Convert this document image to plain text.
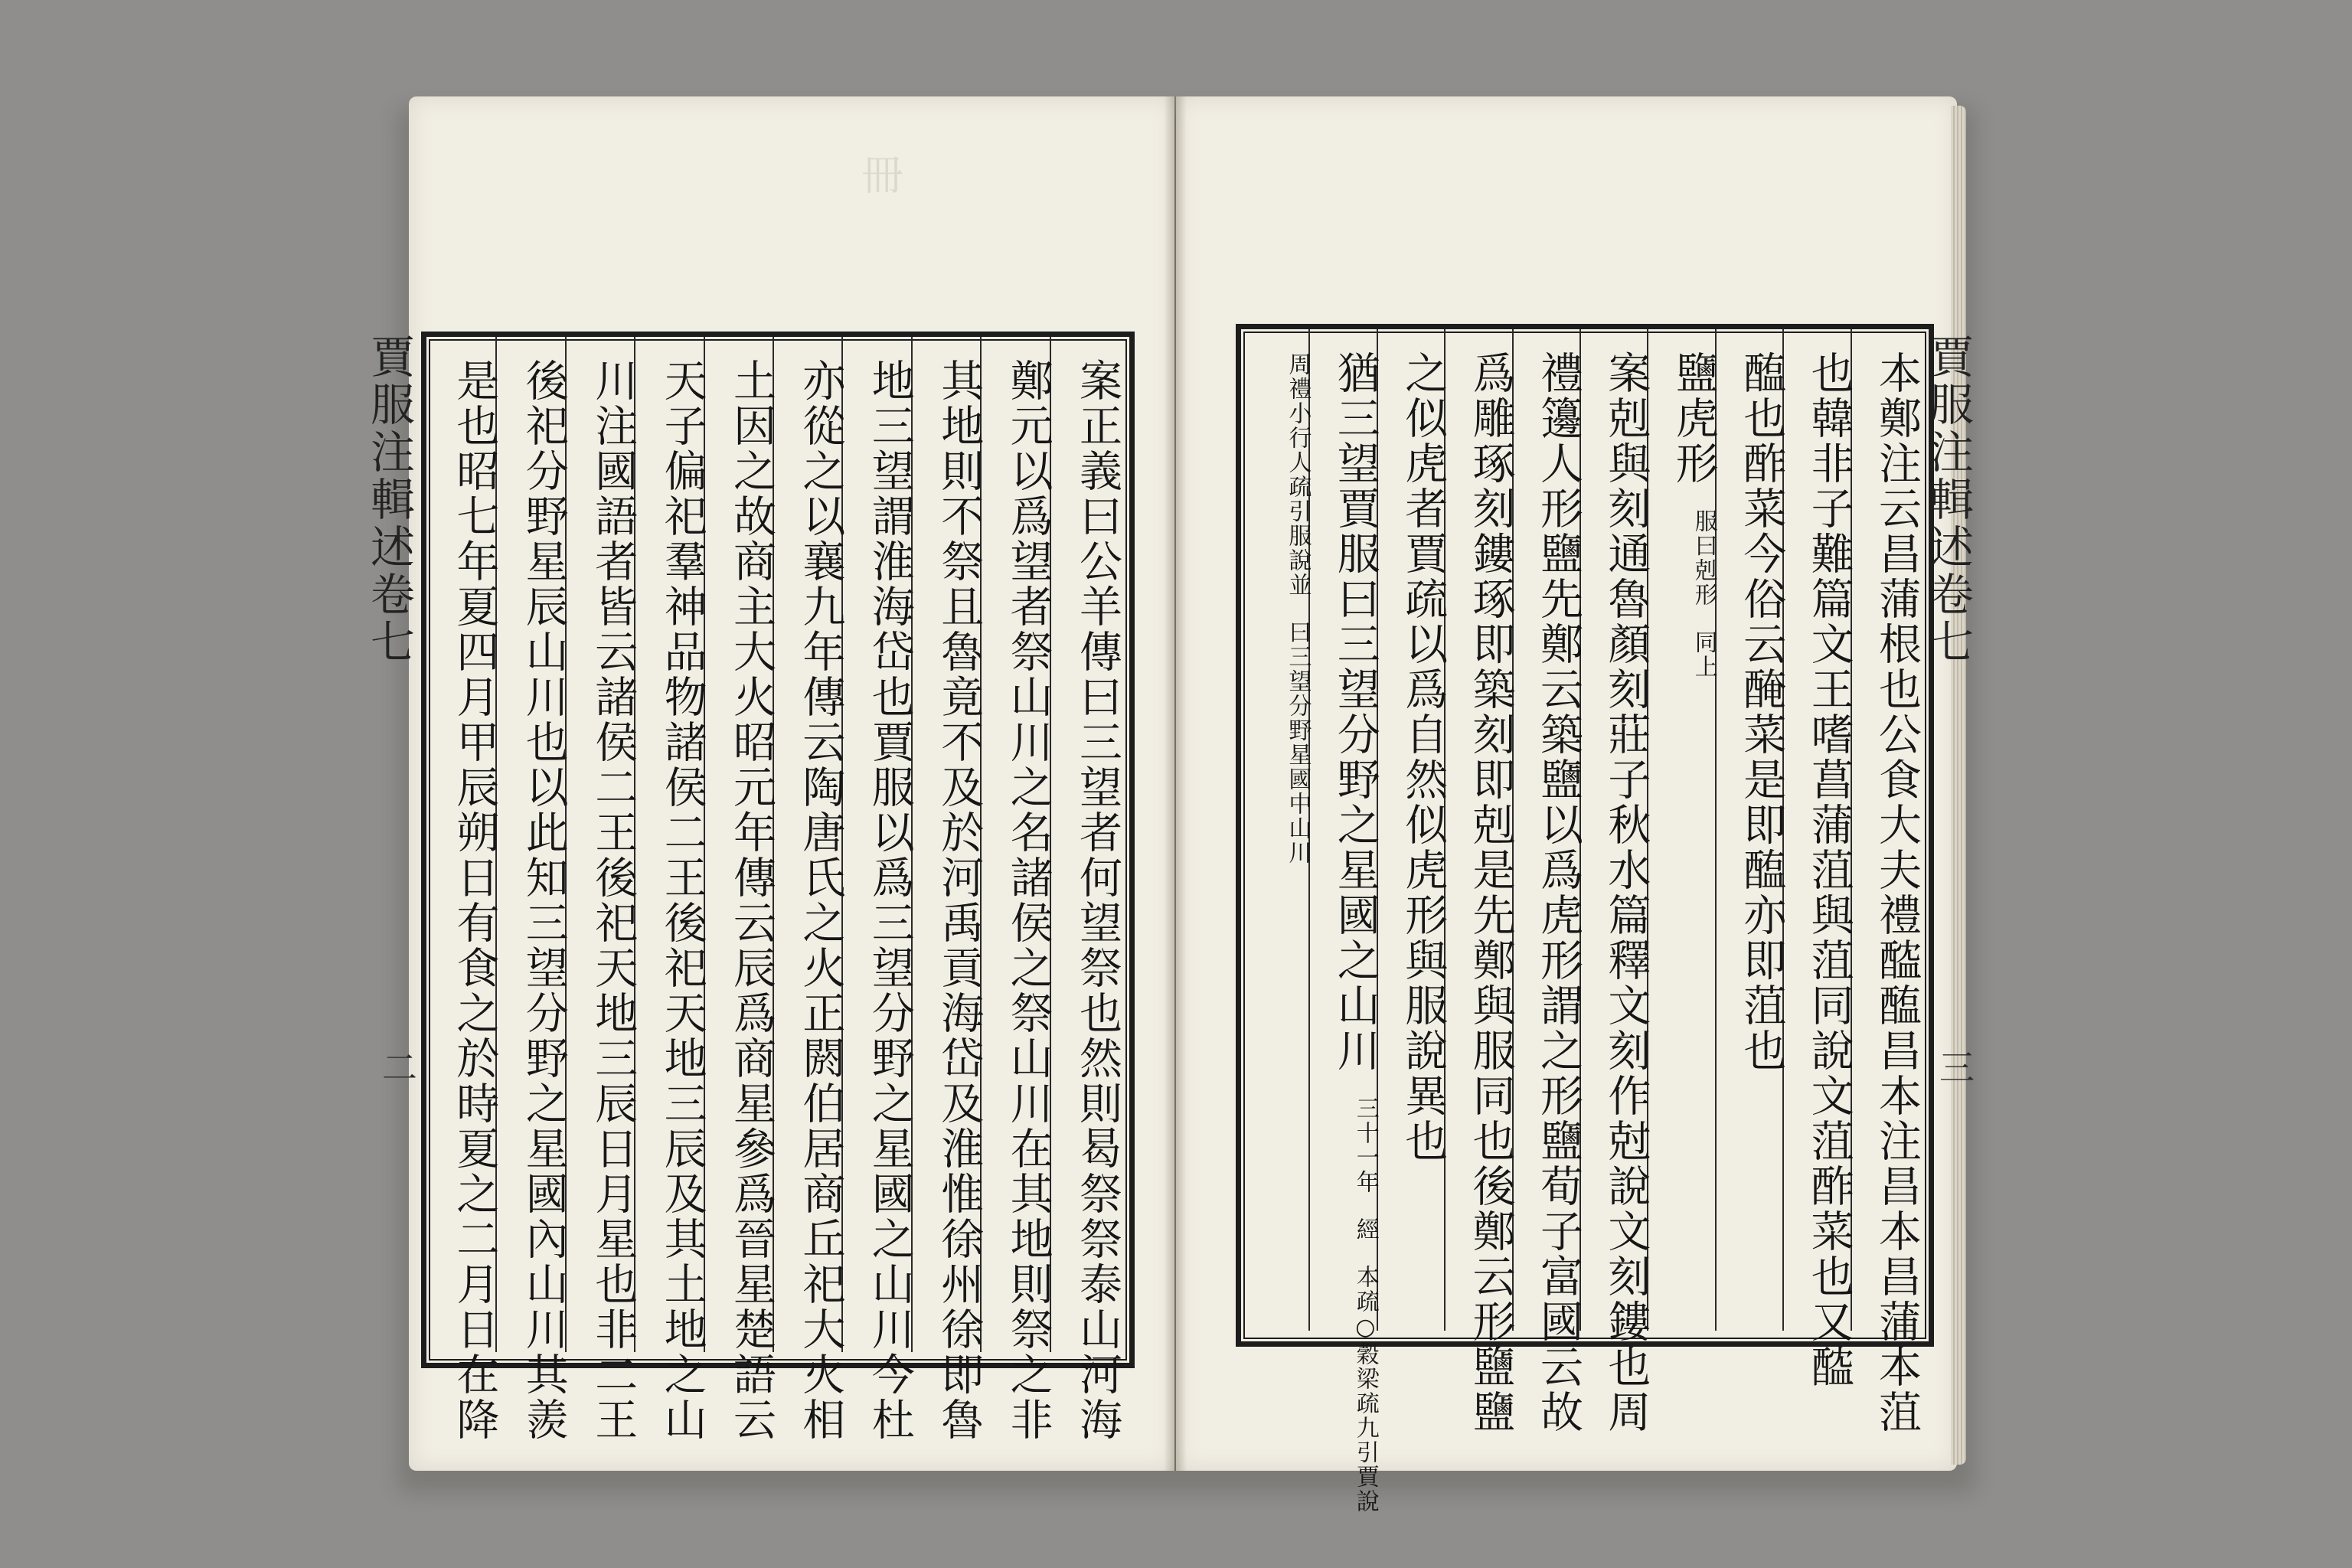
冊
賈服注輯述
卷七
二	案正義曰公羊傳曰三望者何望祭也然則曷祭祭泰山河海
鄭元以爲望者祭山川之名諸侯之祭山川在其地則祭之非
其地則不祭且魯竟不及於河禹貢海岱及淮惟徐州徐即魯
地三望謂淮海岱也賈服以爲三望分野之星國之山川今杜
亦從之以襄九年傳云陶唐氏之火正閼伯居商丘祀大火相
土因之故商主大火昭元年傳云辰爲商星參爲晉星楚語云
天子偏祀羣神品物諸侯二王後祀天地三辰及其土地之山
川注國語者皆云諸侯二王後祀天地三辰日月星也非二王
後祀分野星辰山川也以此知三望分野之星國內山川其羨
是也昭七年夏四月甲辰朔日有食之於時夏之二月日在降	賈服注輯述
卷七
三
本鄭注云昌蒲根也公食大夫禮醓醢昌本注昌本昌蒲本菹
也韓非子難篇文王嗜菖蒲菹與菹同說文菹酢菜也又醓
醢也酢菜今俗云醃菜是即醢亦即菹也
鹽虎形
服曰剋形
同上
案剋與刻通魯顏刻莊子秋水篇釋文刻作尅說文刻鏤也周
禮籩人形鹽先鄭云築鹽以爲虎形謂之形鹽荀子富國云故
爲雕琢刻鏤琢即築刻即剋是先鄭與服同也後鄭云形鹽鹽
之似虎者賈疏以爲自然似虎形與服說異也
猶三望賈服曰三望分野之星國之山川
三十一年
經
本疏○穀梁疏九引賈說
周禮小行人疏引服說並
曰三望分野星國中山川
